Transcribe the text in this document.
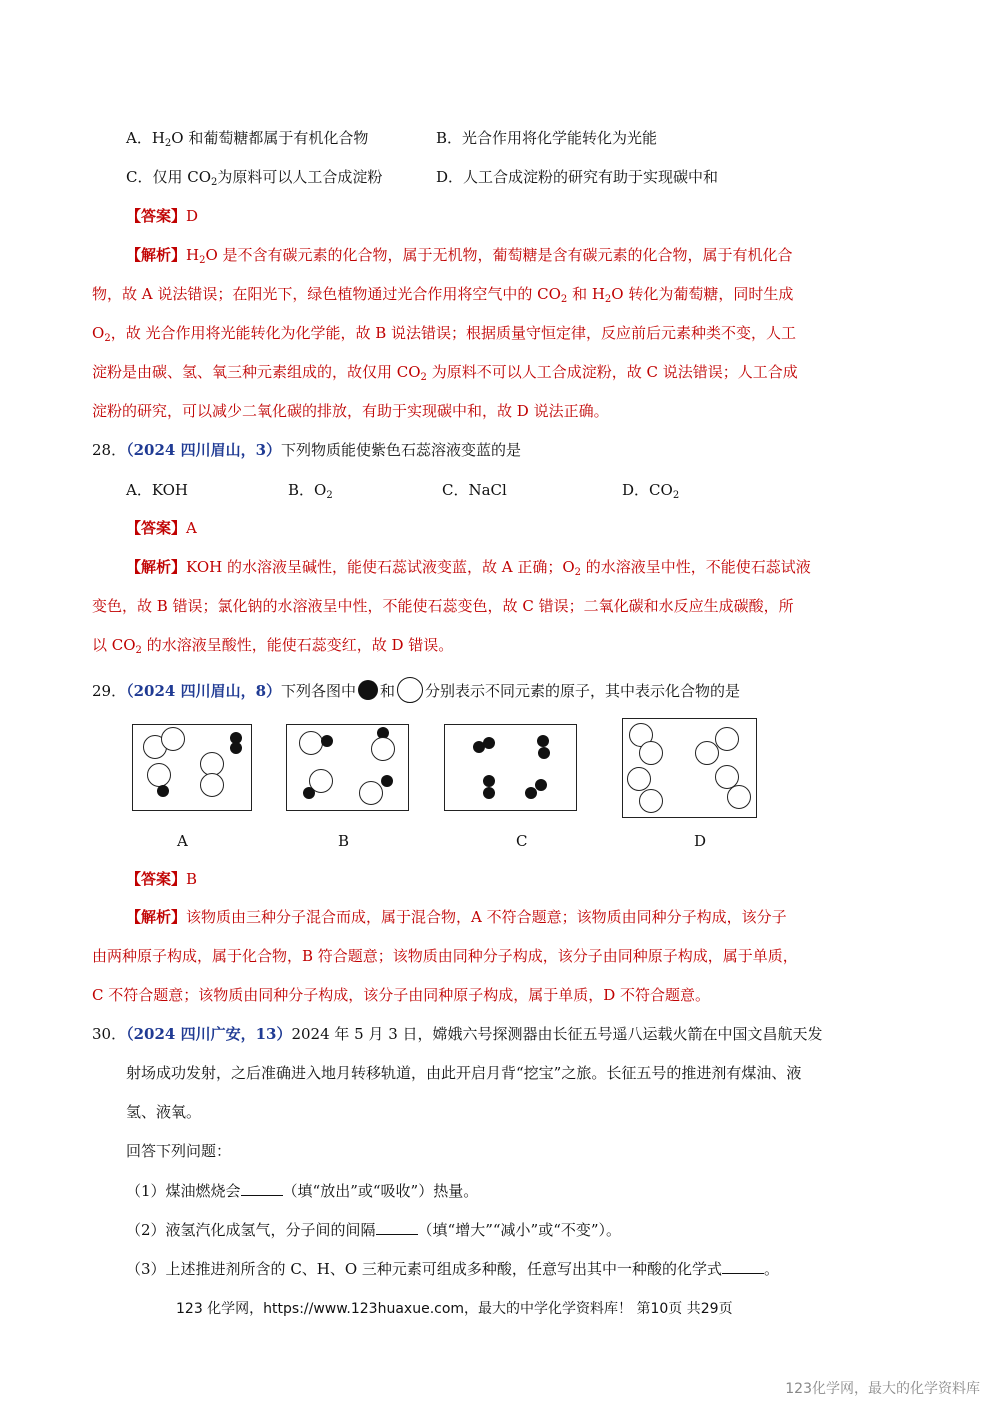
A．$H_2O$ 和葡萄糖都属于有机化合物	B．光合作用将化学能转化为光能
C．仅用 $CO_2$为原料可以人工合成淀粉	D．人工合成淀粉的研究有助于实现碳中和
【答案】D
【解析】$H_2O$ 是不含有碳元素的化合物，属于无机物，葡萄糖是含有碳元素的化合物，属于有机化合
物，故 A 说法错误；在阳光下，绿色植物通过光合作用将空气中的 $CO_2$ 和 $H_2O$ 转化为葡萄糖，同时生成
$O_2$，故 光合作用将光能转化为化学能，故 B 说法错误；根据质量守恒定律，反应前后元素种类不变，人工
淀粉是由碳、氢、氧三种元素组成的，故仅用 $CO_2$ 为原料不可以人工合成淀粉，故 C 说法错误；人工合成
淀粉的研究，可以减少二氧化碳的排放，有助于实现碳中和，故 D 说法正确。
28．（2024 四川眉山，3）下列物质能使紫色石蕊溶液变蓝的是
A．KOH	B．$O_2$	C．NaCl	D．$CO_2$
【答案】A
【解析】KOH 的水溶液呈碱性，能使石蕊试液变蓝，故 A 正确；$O_2$ 的水溶液呈中性，不能使石蕊试液
变色，故 B 错误；氯化钠的水溶液呈中性，不能使石蕊变色，故 C 错误；二氧化碳和水反应生成碳酸，所
以 $CO_2$ 的水溶液呈酸性，能使石蕊变红，故 D 错误。
29．（2024 四川眉山，8）下列各图中 和 分别表示不同元素的原子，其中表示化合物的是
A	B	C	D
【答案】B
【解析】该物质由三种分子混合而成，属于混合物，A 不符合题意；该物质由同种分子构成，该分子
由两种原子构成，属于化合物，B 符合题意；该物质由同种分子构成，该分子由同种原子构成，属于单质，
C 不符合题意；该物质由同种分子构成，该分子由同种原子构成，属于单质，D 不符合题意。
30．（2024 四川广安，13）2024 年 5 月 3 日，嫦娥六号探测器由长征五号遥八运载火箭在中国文昌航天发
射场成功发射，之后准确进入地月转移轨道，由此开启月背“挖宝”之旅。长征五号的推进剂有煤油、液
氢、液氧。
回答下列问题：
（1）煤油燃烧会	（填“放出”或“吸收”）热量。
（2）液氢汽化成氢气，分子间的间隔	（填“增大”“减小”或“不变”）。
（3）上述推进剂所含的 C、H、O 三种元素可组成多种酸，任意写出其中一种酸的化学式	。
123 化学网，https://www.123huaxue.com，最大的中学化学资料库！ 第10页 共29页
123化学网，最大的化学资料库
